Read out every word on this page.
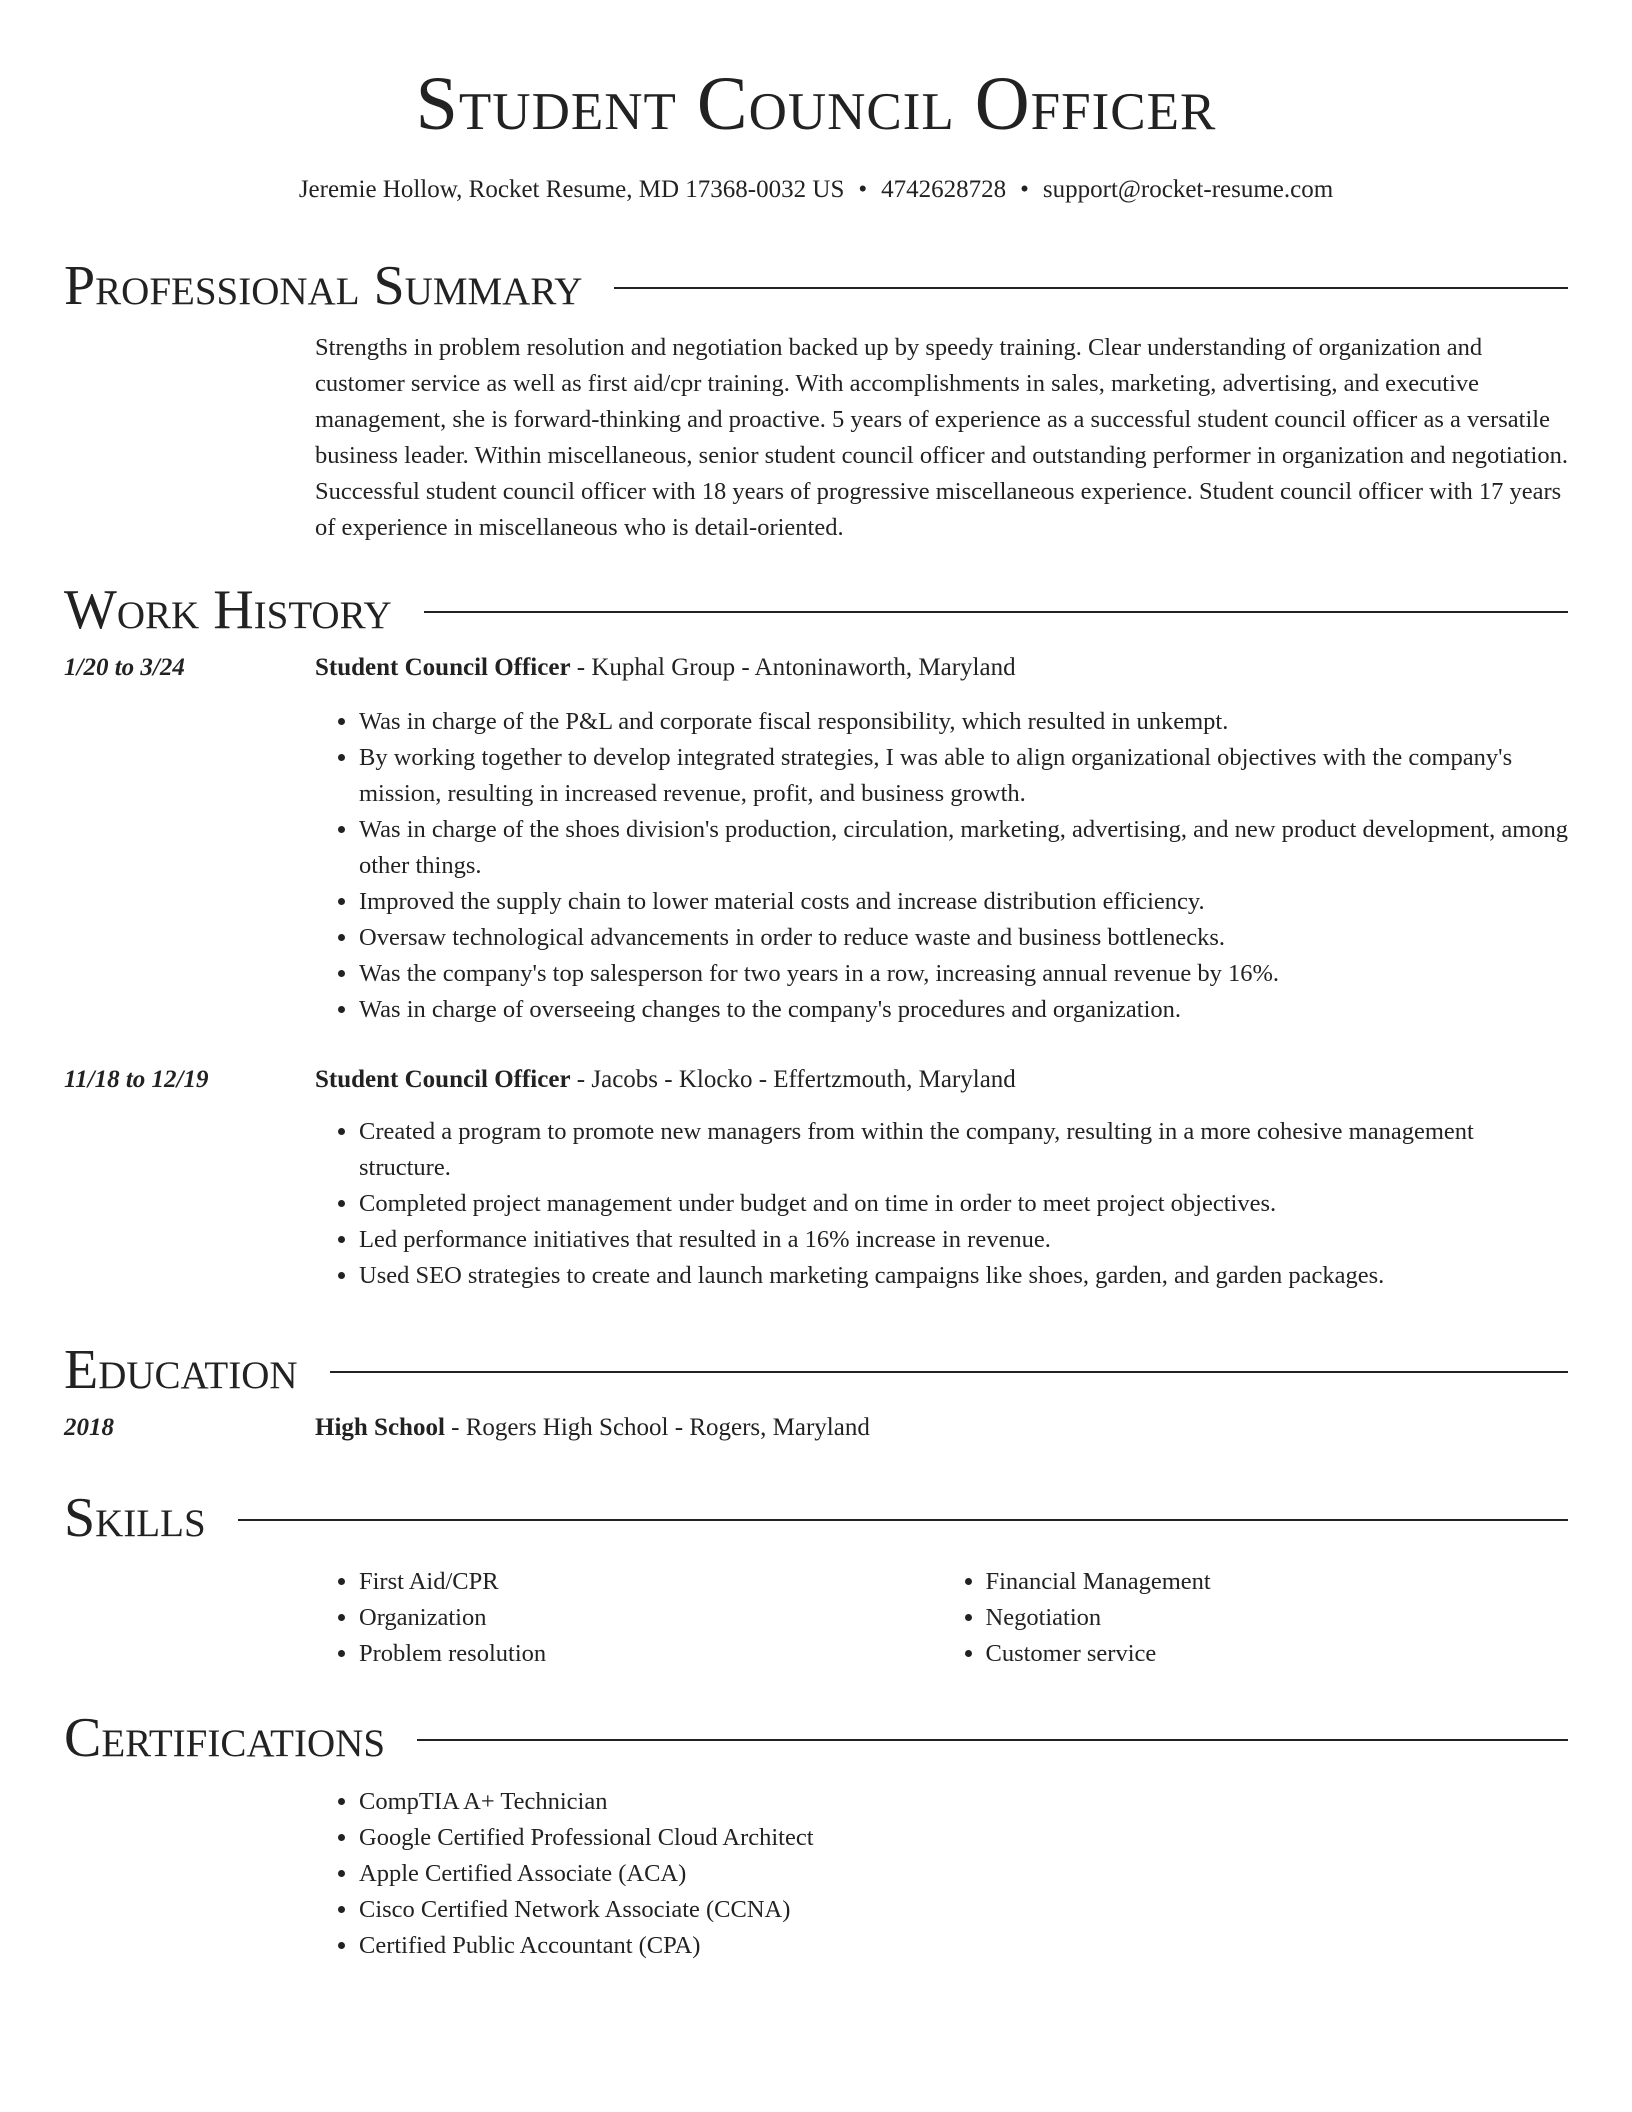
Student Council Officer
Jeremie Hollow, Rocket Resume, MD 17368-0032 US • 4742628728 • support@rocket-resume.com
Professional Summary

Strengths in problem resolution and negotiation backed up by speedy training. Clear understanding of organization and customer service as well as first aid/cpr training. With accomplishments in sales, marketing, advertising, and executive management, she is forward-thinking and proactive. 5 years of experience as a successful student council officer as a versatile business leader. Within miscellaneous, senior student council officer and outstanding performer in organization and negotiation. Successful student council officer with 18 years of progressive miscellaneous experience. Student council officer with 17 years of experience in miscellaneous who is detail-oriented.

Work History
1/20 to 3/24	Student Council Officer - Kuphal Group - Antoninaworth, Maryland
• Was in charge of the P&L and corporate fiscal responsibility, which resulted in unkempt.
• By working together to develop integrated strategies, I was able to align organizational objectives with the company's mission, resulting in increased revenue, profit, and business growth.
• Was in charge of the shoes division's production, circulation, marketing, advertising, and new product development, among other things.
• Improved the supply chain to lower material costs and increase distribution efficiency.
• Oversaw technological advancements in order to reduce waste and business bottlenecks.
• Was the company's top salesperson for two years in a row, increasing annual revenue by 16%.
• Was in charge of overseeing changes to the company's procedures and organization.
11/18 to 12/19	Student Council Officer - Jacobs - Klocko - Effertzmouth, Maryland
• Created a program to promote new managers from within the company, resulting in a more cohesive management structure.
• Completed project management under budget and on time in order to meet project objectives.
• Led performance initiatives that resulted in a 16% increase in revenue.
• Used SEO strategies to create and launch marketing campaigns like shoes, garden, and garden packages.
Education
2018	High School - Rogers High School - Rogers, Maryland
Skills
• First Aid/CPR
• Organization
• Problem resolution
• Financial Management
• Negotiation
• Customer service
Certifications
• CompTIA A+ Technician
• Google Certified Professional Cloud Architect
• Apple Certified Associate (ACA)
• Cisco Certified Network Associate (CCNA)
• Certified Public Accountant (CPA)
